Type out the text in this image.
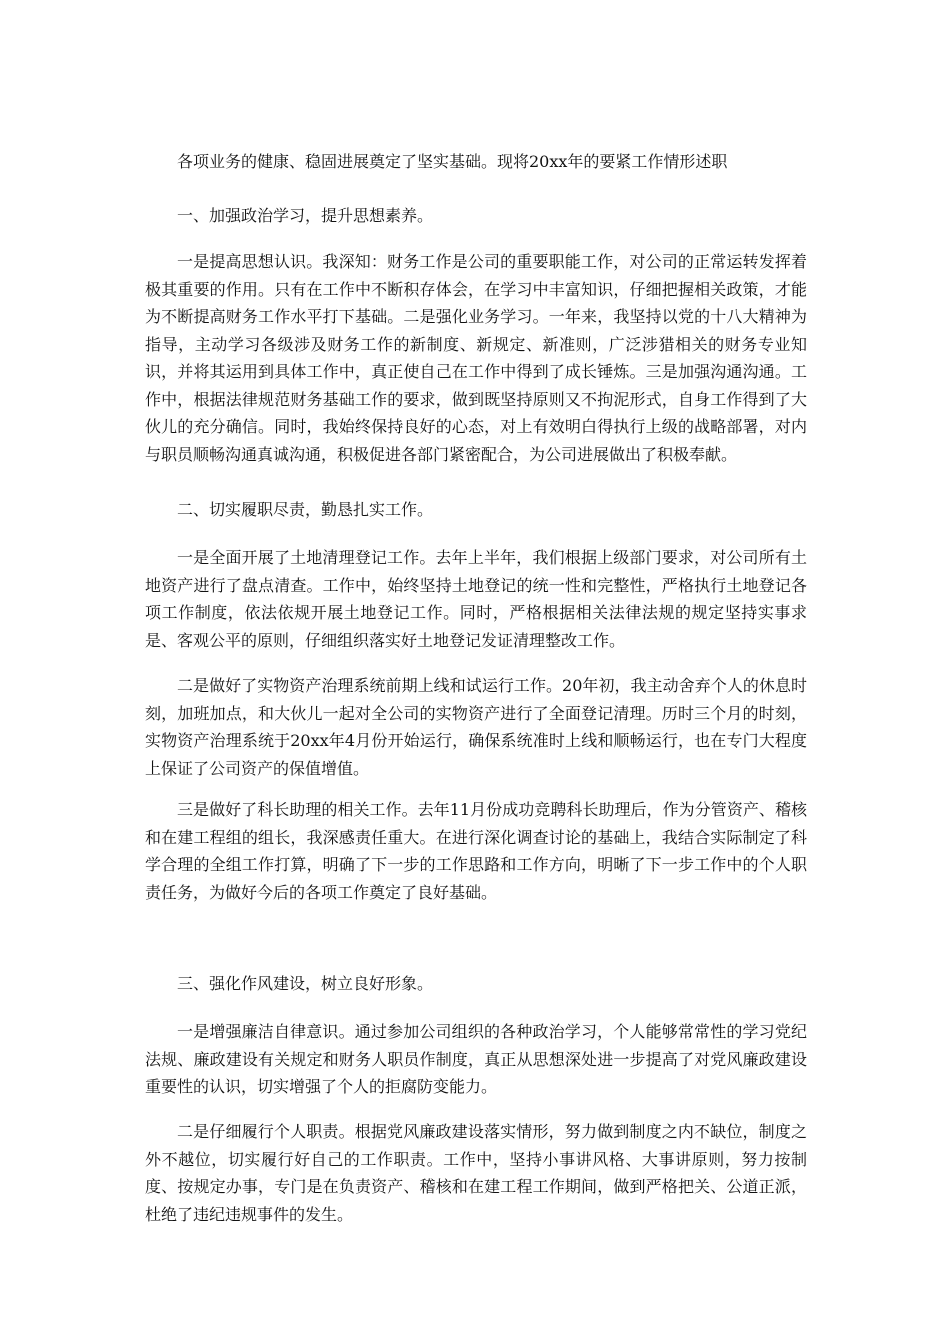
各项业务的健康、稳固进展奠定了坚实基础。现将20xx年的要紧工作情形述职

一、加强政治学习，提升思想素养。

一是提高思想认识。我深知：财务工作是公司的重要职能工作，对公司的正常运转发挥着极其重要的作用。只有在工作中不断积存体会，在学习中丰富知识，仔细把握相关政策，才能为不断提高财务工作水平打下基础。二是强化业务学习。一年来，我坚持以党的十八大精神为指导，主动学习各级涉及财务工作的新制度、新规定、新准则，广泛涉猎相关的财务专业知识，并将其运用到具体工作中，真正使自己在工作中得到了成长锤炼。三是加强沟通沟通。工作中，根据法律规范财务基础工作的要求，做到既坚持原则又不拘泥形式，自身工作得到了大伙儿的充分确信。同时，我始终保持良好的心态，对上有效明白得执行上级的战略部署，对内与职员顺畅沟通真诚沟通，积极促进各部门紧密配合，为公司进展做出了积极奉献。

二、切实履职尽责，勤恳扎实工作。

一是全面开展了土地清理登记工作。去年上半年，我们根据上级部门要求，对公司所有土地资产进行了盘点清查。工作中，始终坚持土地登记的统一性和完整性，严格执行土地登记各项工作制度，依法依规开展土地登记工作。同时，严格根据相关法律法规的规定坚持实事求是、客观公平的原则，仔细组织落实好土地登记发证清理整改工作。

二是做好了实物资产治理系统前期上线和试运行工作。20年初，我主动舍弃个人的休息时刻，加班加点，和大伙儿一起对全公司的实物资产进行了全面登记清理。历时三个月的时刻，实物资产治理系统于20xx年4月份开始运行，确保系统准时上线和顺畅运行，也在专门大程度上保证了公司资产的保值增值。

三是做好了科长助理的相关工作。去年11月份成功竞聘科长助理后，作为分管资产、稽核和在建工程组的组长，我深感责任重大。在进行深化调查讨论的基础上，我结合实际制定了科学合理的全组工作打算，明确了下一步的工作思路和工作方向，明晰了下一步工作中的个人职责任务，为做好今后的各项工作奠定了良好基础。

三、强化作风建设，树立良好形象。

一是增强廉洁自律意识。通过参加公司组织的各种政治学习，个人能够常常性的学习党纪法规、廉政建设有关规定和财务人职员作制度，真正从思想深处进一步提高了对党风廉政建设重要性的认识，切实增强了个人的拒腐防变能力。

二是仔细履行个人职责。根据党风廉政建设落实情形，努力做到制度之内不缺位，制度之外不越位，切实履行好自己的工作职责。工作中，坚持小事讲风格、大事讲原则，努力按制度、按规定办事，专门是在负责资产、稽核和在建工程工作期间，做到严格把关、公道正派，杜绝了违纪违规事件的发生。
